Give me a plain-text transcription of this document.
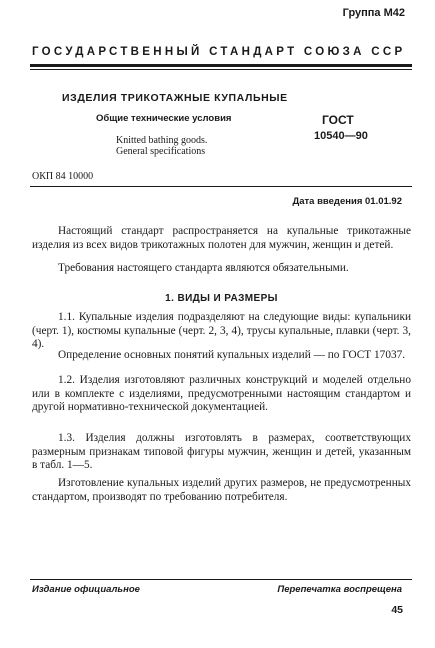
Группа М42
ГОСУДАРСТВЕННЫЙ СТАНДАРТ СОЮЗА ССР
ИЗДЕЛИЯ ТРИКОТАЖНЫЕ КУПАЛЬНЫЕ
Общие технические условия	ГОСТ
10540—90
Knitted bathing goods. General specifications
ОКП 84 10000
Дата введения 01.01.92
Настоящий стандарт распространяется на купальные трикотажные изделия из всех видов трикотажных полотен для мужчин, женщин и детей.
Требования настоящего стандарта являются обязательными.
1. ВИДЫ И РАЗМЕРЫ
1.1. Купальные изделия подразделяют на следующие виды: купальники (черт. 1), костюмы купальные (черт. 2, 3, 4), трусы купальные, плавки (черт. 3, 4).
Определение основных понятий купальных изделий — по ГОСТ 17037.
1.2. Изделия изготовляют различных конструкций и моделей отдельно или в комплекте с изделиями, предусмотренными настоящим стандартом и другой нормативно-технической документацией.
1.3. Изделия должны изготовлять в размерах, соответствующих размерным признакам типовой фигуры мужчин, женщин и детей, указанным в табл. 1—5.
Изготовление купальных изделий других размеров, не предусмотренных стандартом, производят по требованию потребителя.
Издание официальное	Перепечатка воспрещена
45
